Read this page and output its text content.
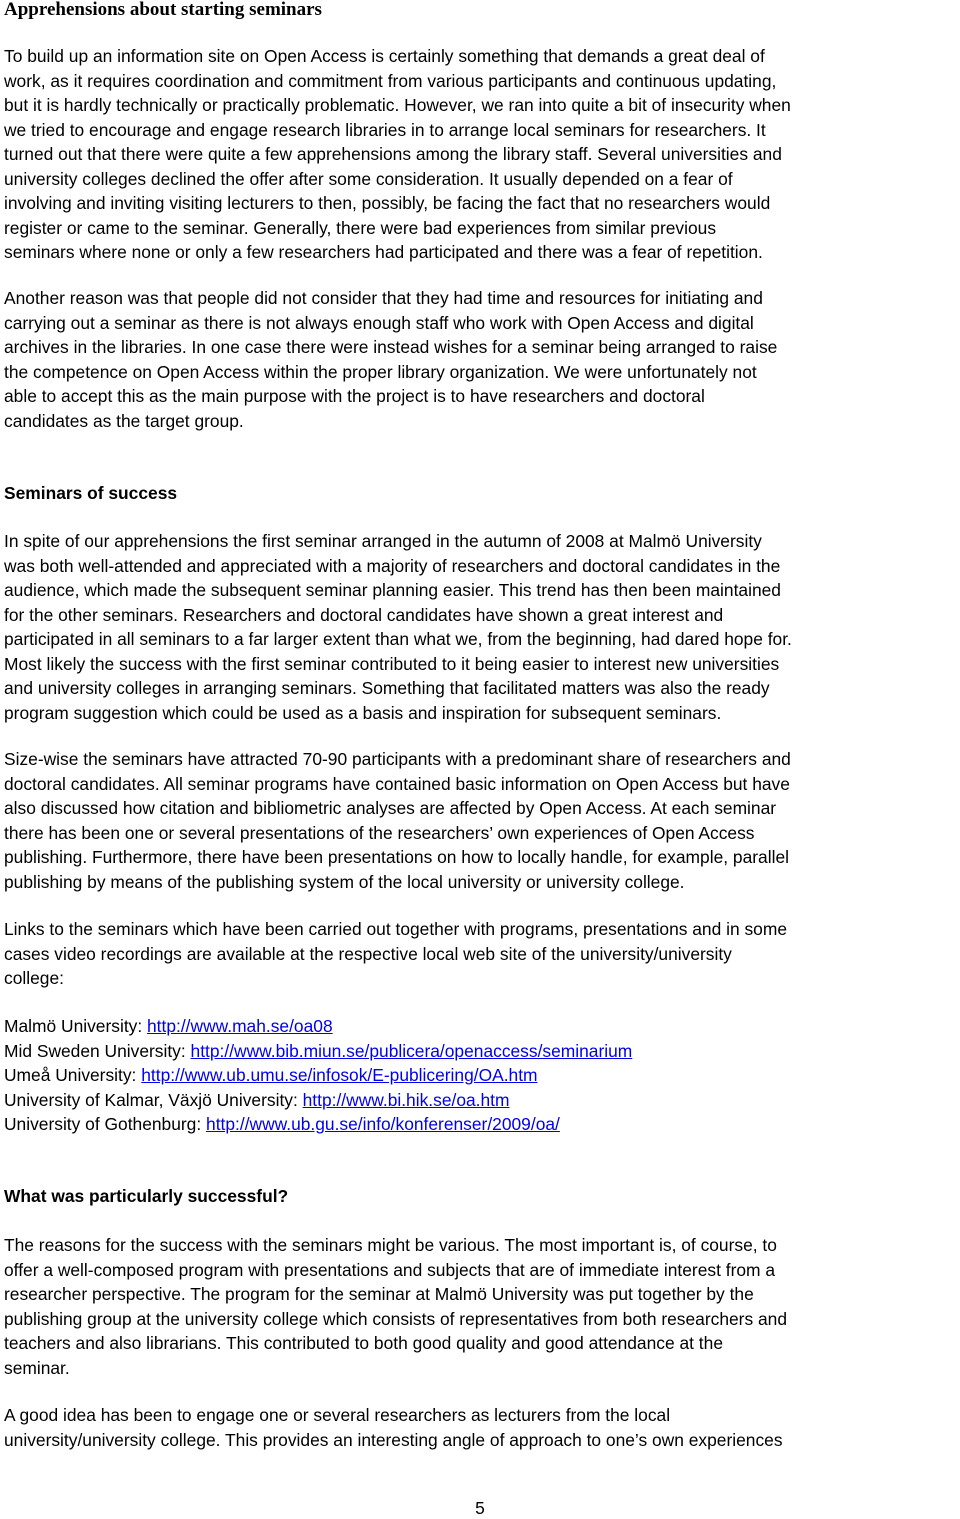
Apprehensions about starting seminars

To build up an information site on Open Access is certainly something that demands a great deal of
work, as it requires coordination and commitment from various participants and continuous updating,
but it is hardly technically or practically problematic. However, we ran into quite a bit of insecurity when
we tried to encourage and engage research libraries in to arrange local seminars for researchers. It
turned out that there were quite a few apprehensions among the library staff. Several universities and
university colleges declined the offer after some consideration. It usually depended on a fear of
involving and inviting visiting lecturers to then, possibly, be facing the fact that no researchers would
register or came to the seminar. Generally, there were bad experiences from similar previous
seminars where none or only a few researchers had participated and there was a fear of repetition.

Another reason was that people did not consider that they had time and resources for initiating and
carrying out a seminar as there is not always enough staff who work with Open Access and digital
archives in the libraries. In one case there were instead wishes for a seminar being arranged to raise
the competence on Open Access within the proper library organization. We were unfortunately not
able to accept this as the main purpose with the project is to have researchers and doctoral
candidates as the target group.

Seminars of success

In spite of our apprehensions the first seminar arranged in the autumn of 2008 at Malmö University
was both well-attended and appreciated with a majority of researchers and doctoral candidates in the
audience, which made the subsequent seminar planning easier. This trend has then been maintained
for the other seminars. Researchers and doctoral candidates have shown a great interest and
participated in all seminars to a far larger extent than what we, from the beginning, had dared hope for.
Most likely the success with the first seminar contributed to it being easier to interest new universities
and university colleges in arranging seminars. Something that facilitated matters was also the ready
program suggestion which could be used as a basis and inspiration for subsequent seminars.

Size-wise the seminars have attracted 70-90 participants with a predominant share of researchers and
doctoral candidates. All seminar programs have contained basic information on Open Access but have
also discussed how citation and bibliometric analyses are affected by Open Access. At each seminar
there has been one or several presentations of the researchers’ own experiences of Open Access
publishing. Furthermore, there have been presentations on how to locally handle, for example, parallel
publishing by means of the publishing system of the local university or university college.

Links to the seminars which have been carried out together with programs, presentations and in some
cases video recordings are available at the respective local web site of the university/university
college:

Malmö University: http://www.mah.se/oa08
Mid Sweden University: http://www.bib.miun.se/publicera/openaccess/seminarium
Umeå University: http://www.ub.umu.se/infosok/E-publicering/OA.htm
University of Kalmar, Växjö University: http://www.bi.hik.se/oa.htm
University of Gothenburg: http://www.ub.gu.se/info/konferenser/2009/oa/
What was particularly successful?

The reasons for the success with the seminars might be various. The most important is, of course, to
offer a well-composed program with presentations and subjects that are of immediate interest from a
researcher perspective. The program for the seminar at Malmö University was put together by the
publishing group at the university college which consists of representatives from both researchers and
teachers and also librarians. This contributed to both good quality and good attendance at the
seminar.

A good idea has been to engage one or several researchers as lecturers from the local
university/university college. This provides an interesting angle of approach to one’s own experiences

5
